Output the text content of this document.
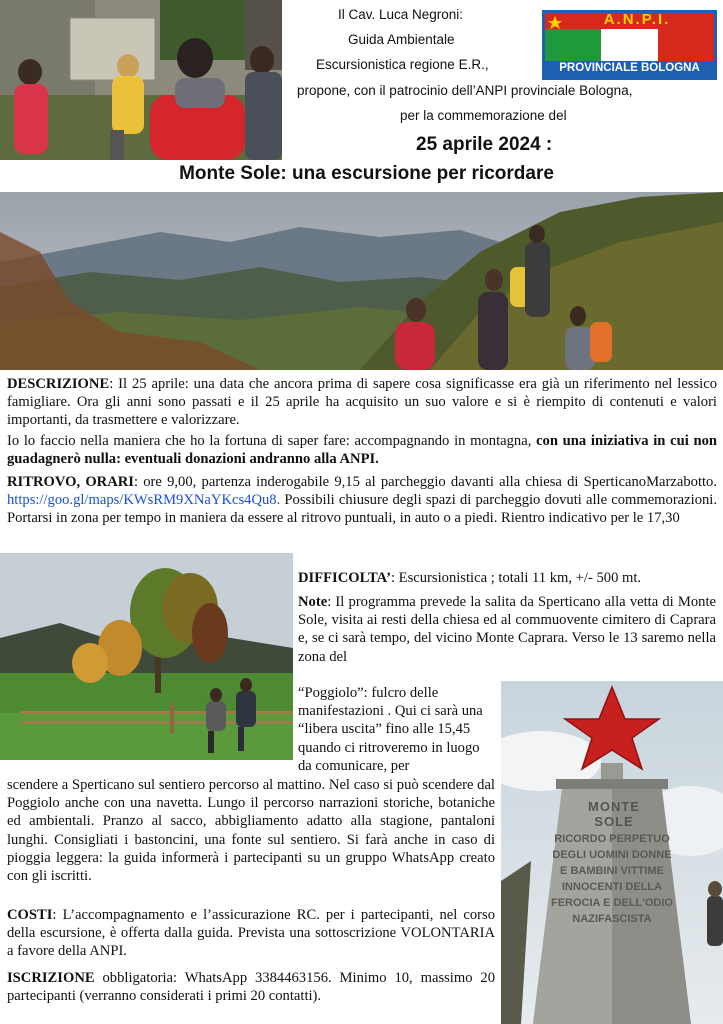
Il Cav. Luca Negroni:
Guida Ambientale
Escursionistica regione E.R.,
propone, con il patrocinio dell’ANPI provinciale Bologna,
per la commemorazione del
25 aprile 2024 :
Monte Sole: una escursione per ricordare
A.N.P.I.
PROVINCIALE BOLOGNA

DESCRIZIONE: Il 25 aprile: una data che ancora prima di sapere cosa significasse era già un riferimento nel lessico famigliare. Ora gli anni sono passati e il 25 aprile ha acquisito un suo valore e si è riempito di contenuti e valori importanti, da trasmettere e valorizzare.

Io lo faccio nella maniera che ho la fortuna di saper fare: accompagnando in montagna, con una iniziativa in cui non guadagnerò nulla: eventuali donazioni andranno alla ANPI.

RITROVO, ORARI: ore 9,00, partenza inderogabile 9,15 al parcheggio davanti alla chiesa di SperticanoMarzabotto. https://goo.gl/maps/KWsRM9XNaYKcs4Qu8. Possibili chiusure degli spazi di parcheggio dovuti alle commemorazioni. Portarsi in zona per tempo in maniera da essere al ritrovo puntuali, in auto o a piedi. Rientro indicativo per le 17,30

DIFFICOLTA’: Escursionistica ; totali 11 km, +/- 500 mt.

Note: Il programma prevede la salita da Sperticano alla vetta di Monte Sole, visita ai resti della chiesa ed al commuovente cimitero di Caprara e, se ci sarà tempo, del vicino Monte Caprara. Verso le 13 saremo nella zona del
“Poggiolo”: fulcro delle manifestazioni . Qui ci sarà una “libera uscita” fino alle 15,45 quando ci ritroveremo in luogo da comunicare, per
scendere a Sperticano sul sentiero percorso al mattino. Nel caso si può scendere dal Poggiolo anche con una navetta. Lungo il percorso narrazioni storiche, botaniche ed ambientali. Pranzo al sacco, abbigliamento adatto alla stagione, pantaloni lunghi. Consigliati i bastoncini, una fonte sul sentiero. Si farà anche in caso di pioggia leggera: la guida informerà i partecipanti su un gruppo WhatsApp creato con gli iscritti.

COSTI: L’accompagnamento e l’assicurazione RC. per i partecipanti, nel corso della escursione, è offerta dalla guida. Prevista una sottoscrizione VOLONTARIA a favore della ANPI.

ISCRIZIONE obbligatoria: WhatsApp 3384463156. Minimo 10, massimo 20 partecipanti (verranno considerati i primi 20 contatti).

MONTE SOLE
RICORDO PERPETUO DEGLI UOMINI DONNE E BAMBINI VITTIME INNOCENTI DELLA FEROCIA E DELL'ODIO NAZIFASCISTA
